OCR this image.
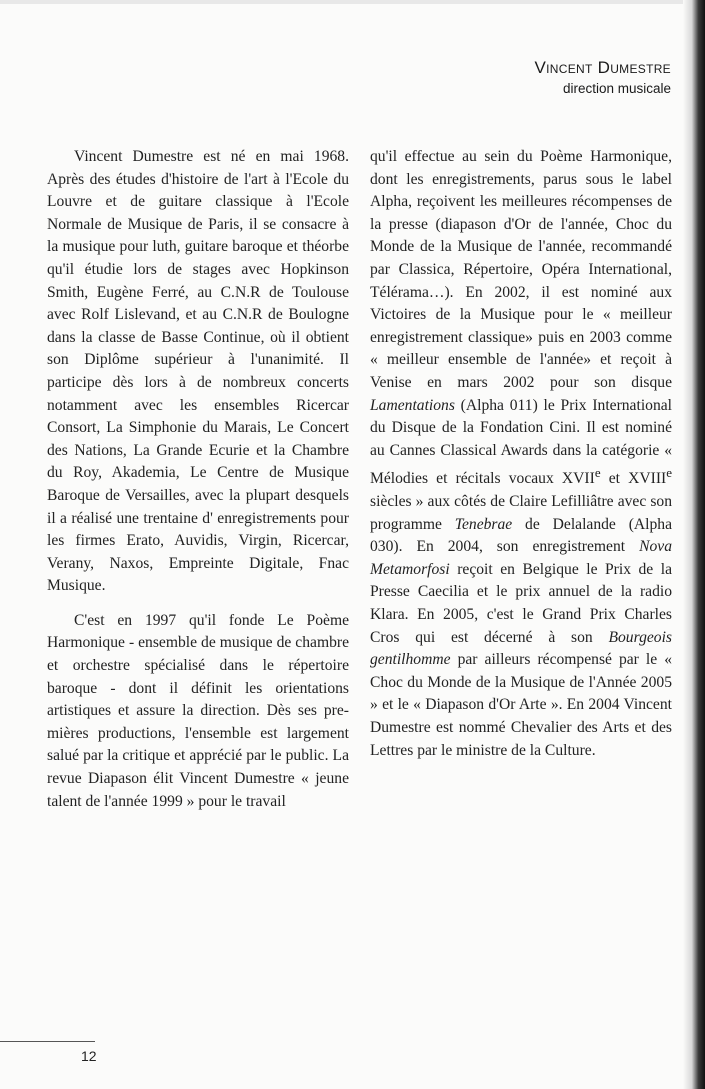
Vincent Dumestre
direction musicale

Vincent Dumestre est né en mai 1968. Après des études d'histoire de l'art à l'Ecole du Louvre et de guitare classique à l'Ecole Normale de Musique de Paris, il se consacre à la musique pour luth, guitare baroque et théorbe qu'il étudie lors de stages avec Hopkinson Smith, Eugène Ferré, au C.N.R de Toulouse avec Rolf Lislevand, et au C.N.R de Boulogne dans la classe de Basse Continue, où il obtient son Diplôme supérieur à l'unanimité. Il participe dès lors à de nombreux concerts notamment avec les ensembles Ricercar Consort, La Simphonie du Marais, Le Concert des Nations, La Grande Ecurie et la Chambre du Roy, Akademia, Le Centre de Musique Baroque de Versailles, avec la plupart desquels il a réalisé une trentaine d' enregistrements pour les firmes Erato, Auvidis, Virgin, Ricercar, Verany, Naxos, Empreinte Digitale, Fnac Musique.

C'est en 1997 qu'il fonde Le Poème Harmonique - ensemble de musique de chambre et orchestre spécialisé dans le répertoire baroque - dont il définit les orientations artistiques et assure la direction. Dès ses premières productions, l'ensemble est largement salué par la critique et apprécié par le public. La revue Diapason élit Vincent Dumestre « jeune talent de l'année 1999 » pour le travail

qu'il effectue au sein du Poème Harmonique, dont les enregistrements, parus sous le label Alpha, reçoivent les meilleures récompenses de la presse (diapason d'Or de l'année, Choc du Monde de la Musique de l'année, recommandé par Classica, Répertoire, Opéra International, Télérama…). En 2002, il est nominé aux Victoires de la Musique pour le « meilleur enregistrement classique» puis en 2003 comme « meilleur ensemble de l'année» et reçoit à Venise en mars 2002 pour son disque Lamentations (Alpha 011) le Prix International du Disque de la Fondation Cini. Il est nominé au Cannes Classical Awards dans la catégorie « Mélodies et récitals vocaux XVIIe et XVIIIe siècles » aux côtés de Claire Lefilliâtre avec son programme Tenebrae de Delalande (Alpha 030). En 2004, son enregistrement Nova Metamorfosi reçoit en Belgique le Prix de la Presse Caecilia et le prix annuel de la radio Klara. En 2005, c'est le Grand Prix Charles Cros qui est décerné à son Bourgeois gentilhomme par ailleurs récompensé par le « Choc du Monde de la Musique de l'Année 2005 » et le « Diapason d'Or Arte ». En 2004 Vincent Dumestre est nommé Chevalier des Arts et des Lettres par le ministre de la Culture.

12
